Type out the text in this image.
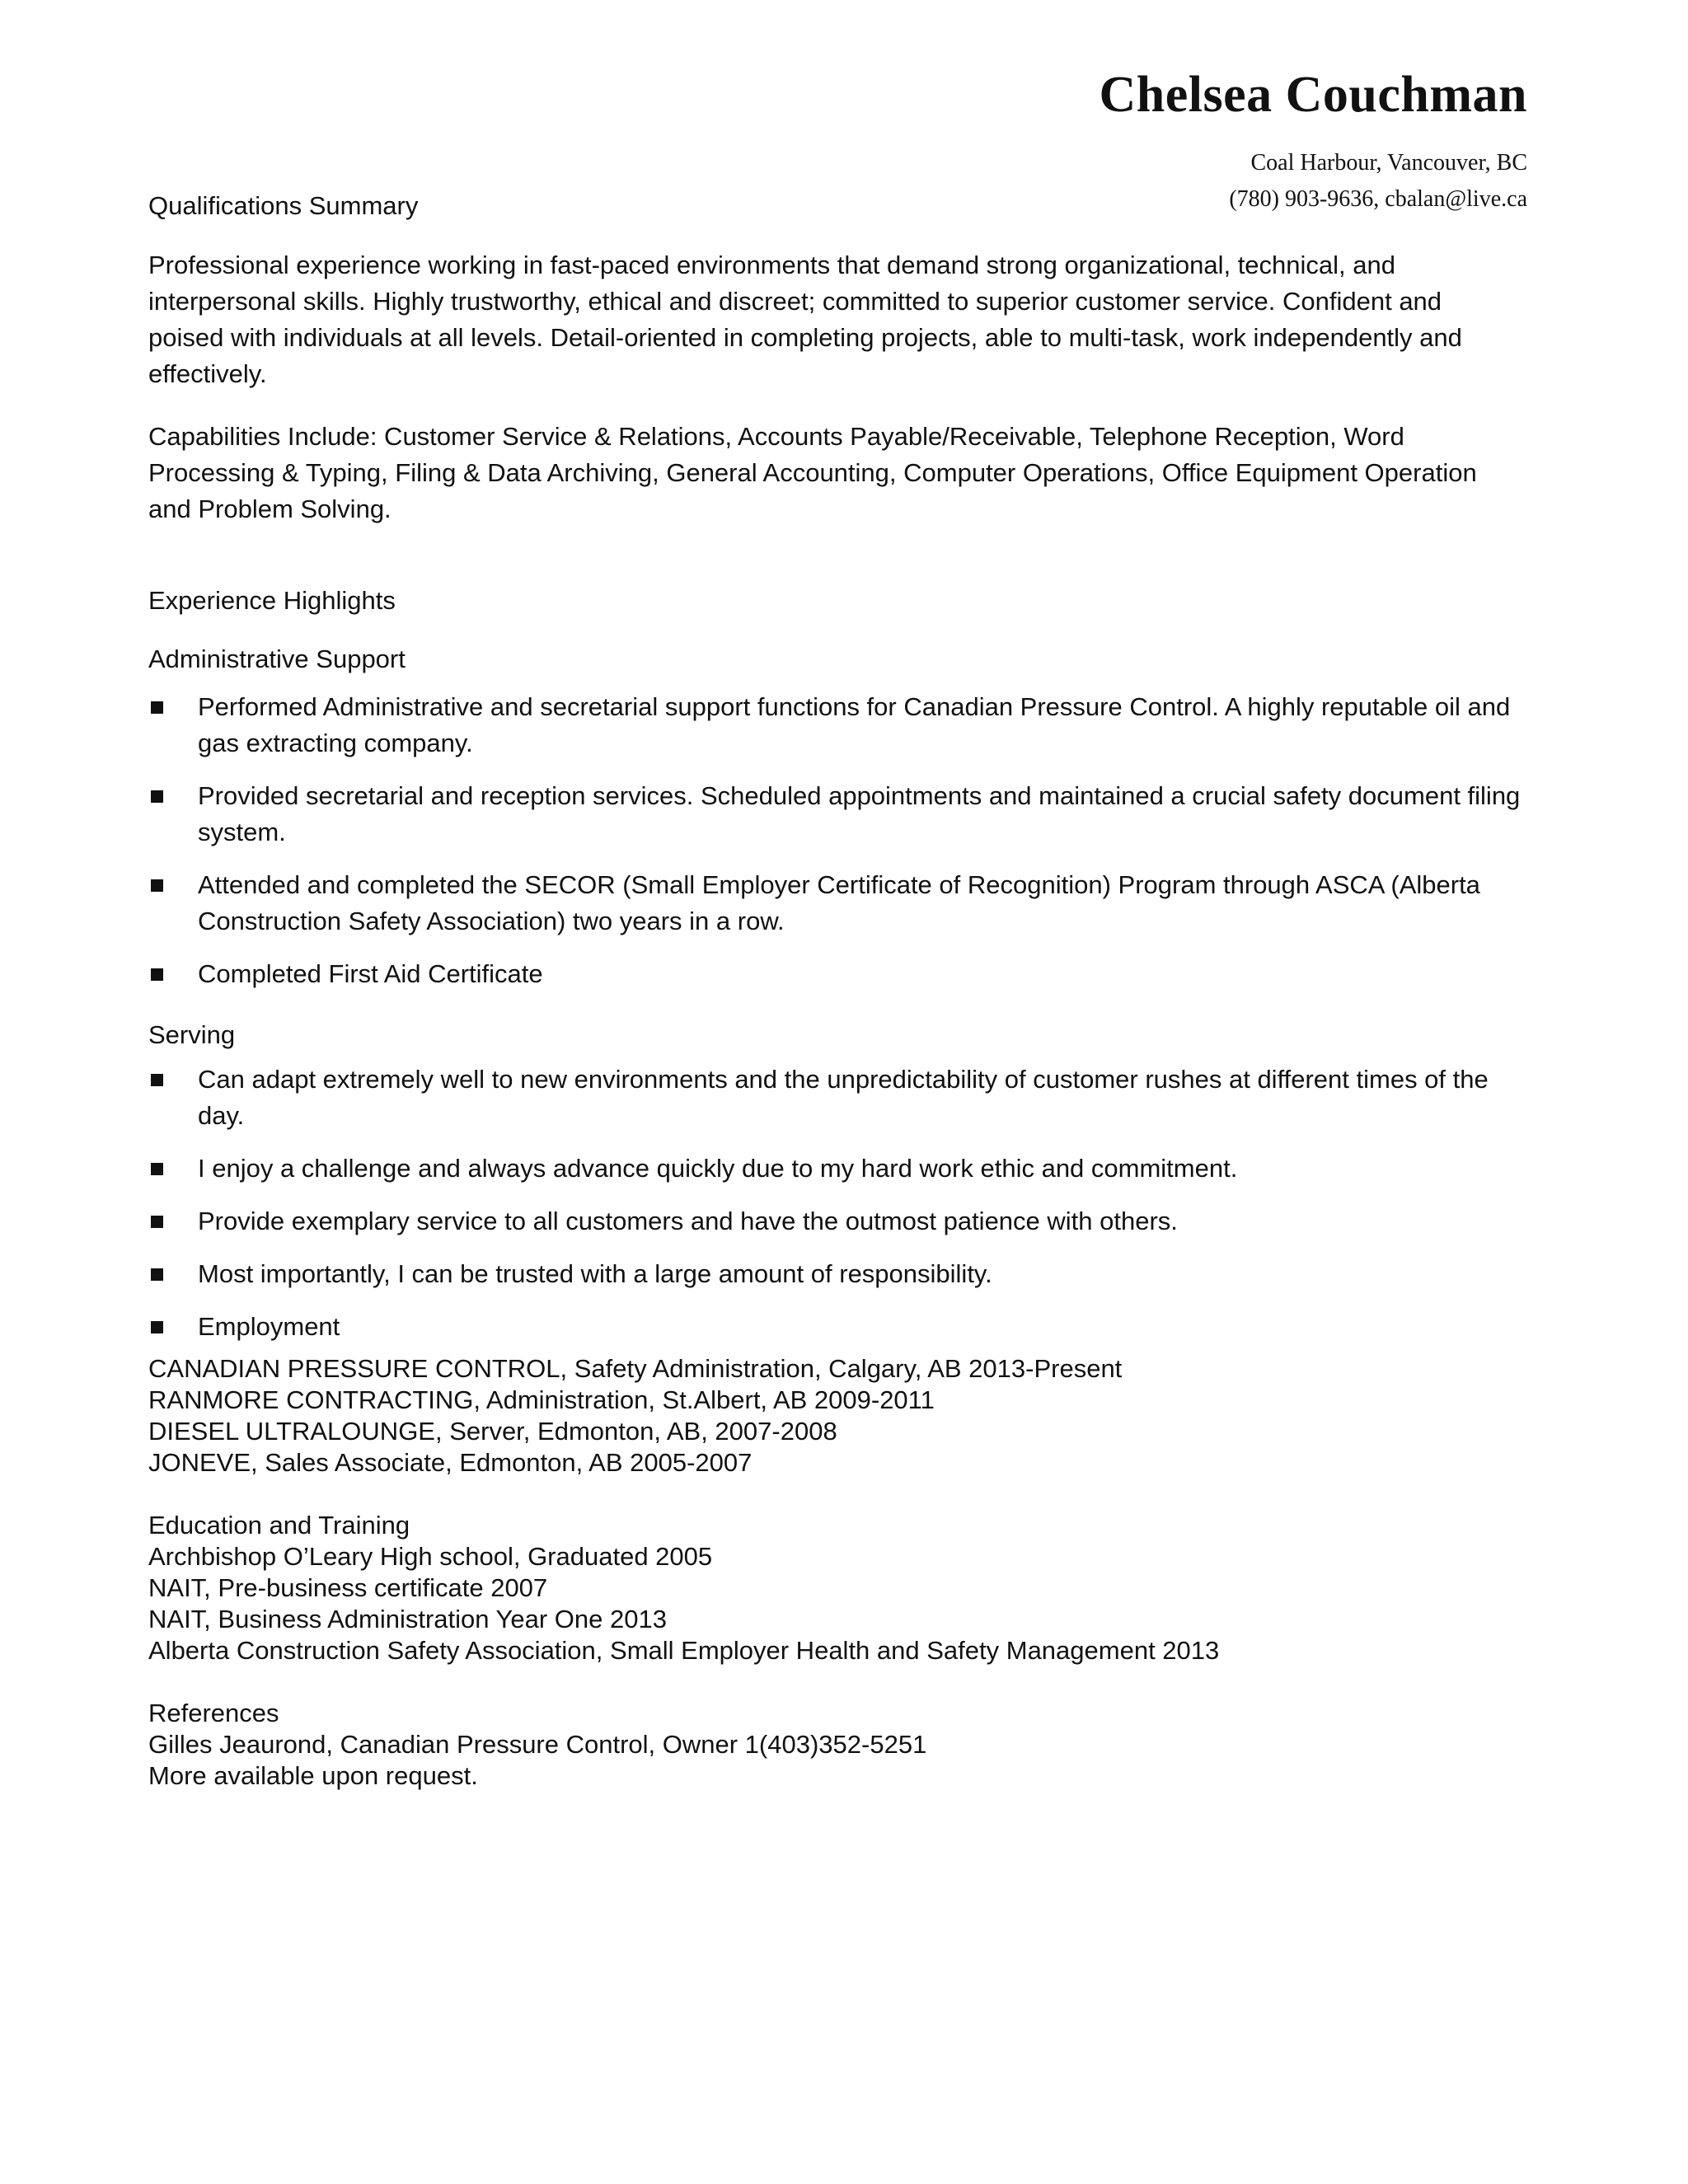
Chelsea Couchman
Coal Harbour, Vancouver, BC
(780) 903-9636, cbalan@live.ca
Qualifications Summary
Professional experience working in fast-paced environments that demand strong organizational, technical, and interpersonal skills. Highly trustworthy, ethical and discreet; committed to superior customer service. Confident and poised with individuals at all levels. Detail-oriented in completing projects, able to multi-task, work independently and effectively.
Capabilities Include: Customer Service & Relations, Accounts Payable/Receivable, Telephone Reception, Word Processing & Typing, Filing & Data Archiving, General Accounting, Computer Operations, Office Equipment Operation and Problem Solving.
Experience Highlights
Administrative Support
Performed Administrative and secretarial support functions for Canadian Pressure Control. A highly reputable oil and gas extracting company.
Provided secretarial and reception services. Scheduled appointments and maintained a crucial safety document filing system.
Attended and completed the SECOR (Small Employer Certificate of Recognition) Program through ASCA (Alberta Construction Safety Association) two years in a row.
Completed First Aid Certificate
Serving
Can adapt extremely well to new environments and the unpredictability of customer rushes at different times of the day.
I enjoy a challenge and always advance quickly due to my hard work ethic and commitment.
Provide exemplary service to all customers and have the outmost patience with others.
Most importantly, I can be trusted with a large amount of responsibility.
Employment
CANADIAN PRESSURE CONTROL, Safety Administration, Calgary, AB 2013-Present
RANMORE CONTRACTING, Administration, St.Albert, AB 2009-2011
DIESEL ULTRALOUNGE, Server, Edmonton, AB, 2007-2008
JONEVE, Sales Associate, Edmonton, AB 2005-2007
Education and Training
Archbishop O’Leary High school, Graduated 2005
NAIT, Pre-business certificate 2007
NAIT, Business Administration Year One 2013
Alberta Construction Safety Association, Small Employer Health and Safety Management 2013
References
Gilles Jeaurond, Canadian Pressure Control, Owner 1(403)352-5251
More available upon request.
